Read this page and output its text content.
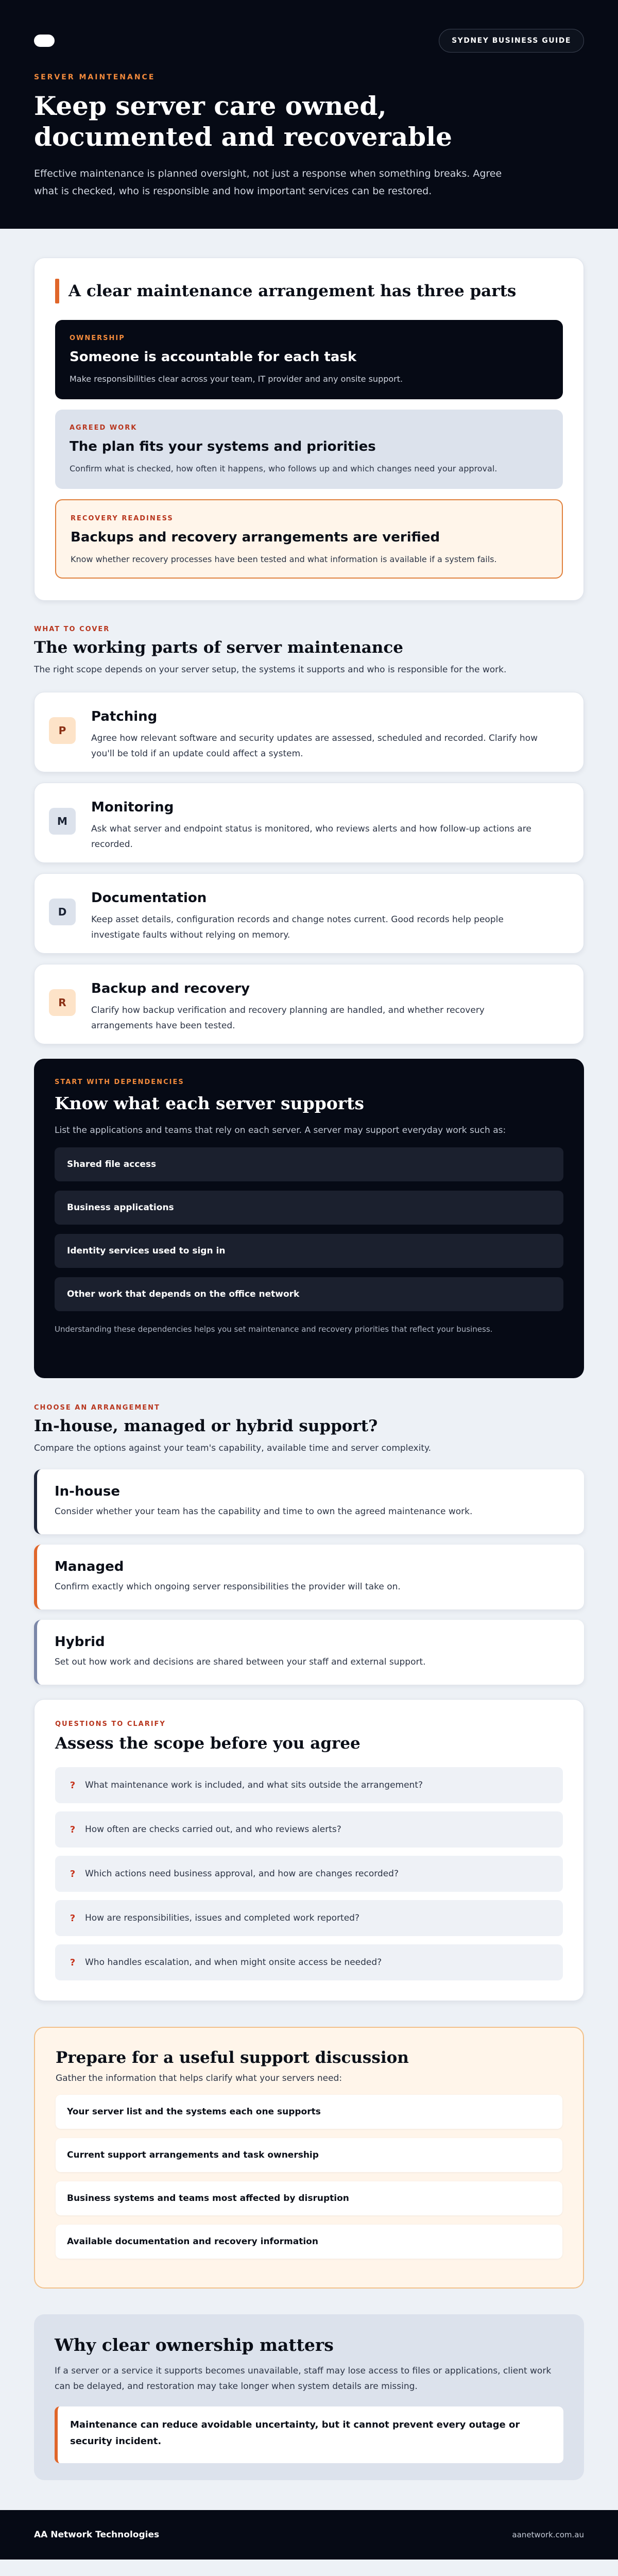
SYDNEY BUSINESS GUIDE
SERVER MAINTENANCE
Keep server care owned, documented and recoverable

Effective maintenance is planned oversight, not just a response when something breaks. Agree what is checked, who is responsible and how important services can be restored.

A clear maintenance arrangement has three parts
OWNERSHIP
Someone is accountable for each task
Make responsibilities clear across your team, IT provider and any onsite support.
AGREED WORK
The plan fits your systems and priorities
Confirm what is checked, how often it happens, who follows up and which changes need your approval.
RECOVERY READINESS
Backups and recovery arrangements are verified
Know whether recovery processes have been tested and what information is available if a system fails.
WHAT TO COVER
The working parts of server maintenance

The right scope depends on your server setup, the systems it supports and who is responsible for the work.

P
Patching
Agree how relevant software and security updates are assessed, scheduled and recorded. Clarify how you'll be told if an update could affect a system.
M
Monitoring
Ask what server and endpoint status is monitored, who reviews alerts and how follow-up actions are recorded.
D
Documentation
Keep asset details, configuration records and change notes current. Good records help people investigate faults without relying on memory.
R
Backup and recovery
Clarify how backup verification and recovery planning are handled, and whether recovery arrangements have been tested.
START WITH DEPENDENCIES
Know what each server supports

List the applications and teams that rely on each server. A server may support everyday work such as:

Shared file access
Business applications
Identity services used to sign in
Other work that depends on the office network

Understanding these dependencies helps you set maintenance and recovery priorities that reflect your business.

CHOOSE AN ARRANGEMENT
In-house, managed or hybrid support?

Compare the options against your team's capability, available time and server complexity.

In-house
Consider whether your team has the capability and time to own the agreed maintenance work.
Managed
Confirm exactly which ongoing server responsibilities the provider will take on.
Hybrid
Set out how work and decisions are shared between your staff and external support.
QUESTIONS TO CLARIFY
Assess the scope before you agree
?	What maintenance work is included, and what sits outside the arrangement?
?	How often are checks carried out, and who reviews alerts?
?	Which actions need business approval, and how are changes recorded?
?	How are responsibilities, issues and completed work reported?
?	Who handles escalation, and when might onsite access be needed?
Prepare for a useful support discussion

Gather the information that helps clarify what your servers need:

Your server list and the systems each one supports
Current support arrangements and task ownership
Business systems and teams most affected by disruption
Available documentation and recovery information
Why clear ownership matters

If a server or a service it supports becomes unavailable, staff may lose access to files or applications, client work can be delayed, and restoration may take longer when system details are missing.

Maintenance can reduce avoidable uncertainty, but it cannot prevent every outage or security incident.
AA Network Technologies	aanetwork.com.au
